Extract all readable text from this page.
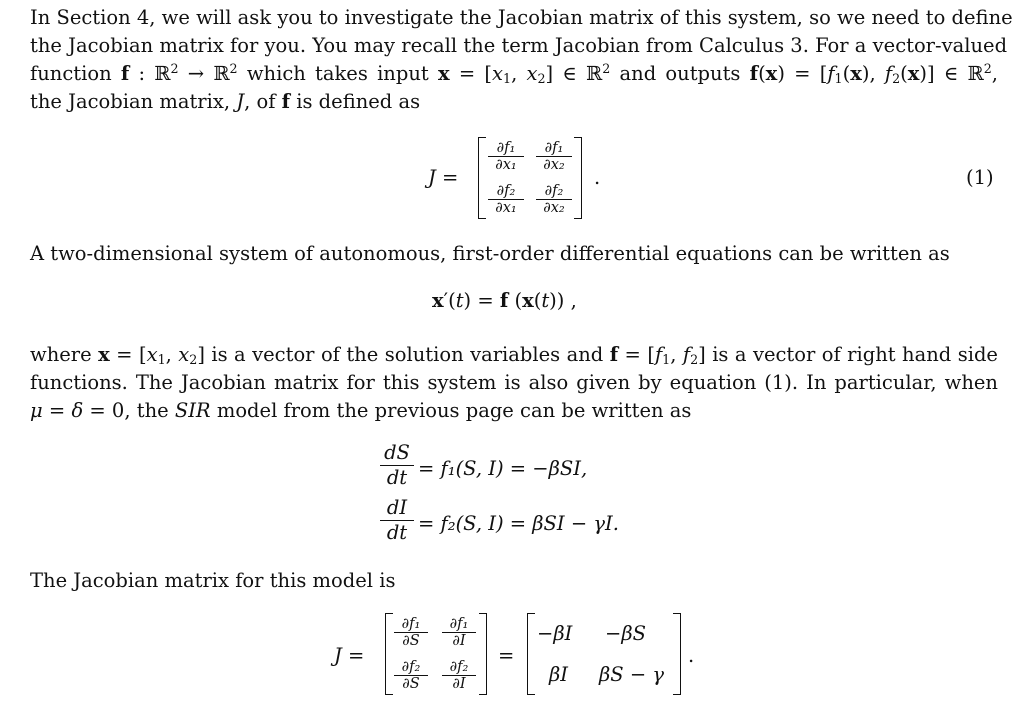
In Section 4, we will ask you to investigate the Jacobian matrix of this system, so we need to define
the Jacobian matrix for you. You may recall the term Jacobian from Calculus 3. For a vector-valued
function f : ℝ$^2$ → ℝ$^2$ which takes input $x = [x_1$, $x_2$] ∈ ℝ$^2$ and outputs $f(x) = [f_1(x)$, $f_2(x)$] ∈ ℝ$^2$,
the Jacobian matrix, J, of f is defined as
J =
$\frac{\text{∂f₁}}{\text{∂x₁}} \frac{\text{∂f₁}}{\text{∂x₂}}$
$\frac{\text{∂f₂}}{\text{∂x₁}} \frac{\text{∂f₂}}{\text{∂x₂}}$
.	(1)
A two-dimensional system of autonomous, first-order differential equations can be written as
x′(t) = f (x(t)) ,
where $x = [x_1$, $x_2$] is a vector of the solution variables and $f = [f_1$, $f_2$] is a vector of right hand side
functions. The Jacobian matrix for this system is also given by equation (1). In particular, when
μ = δ = 0, the SIR model from the previous page can be written as
$\frac{dS}{dt} = f_1(S$, I) = −βSI,
$\frac{dI}{dt} = f_2(S$, I) = βSI − γI.
The Jacobian matrix for this model is
J =
$\frac{\text{∂f₁}}{\partial S} \frac{\text{∂f₁}}{\partial I}$
$\frac{\text{∂f₂}}{\partial S} \frac{\text{∂f₂}}{\partial I}$
=
−βI −βS
βI βS − γ
.
